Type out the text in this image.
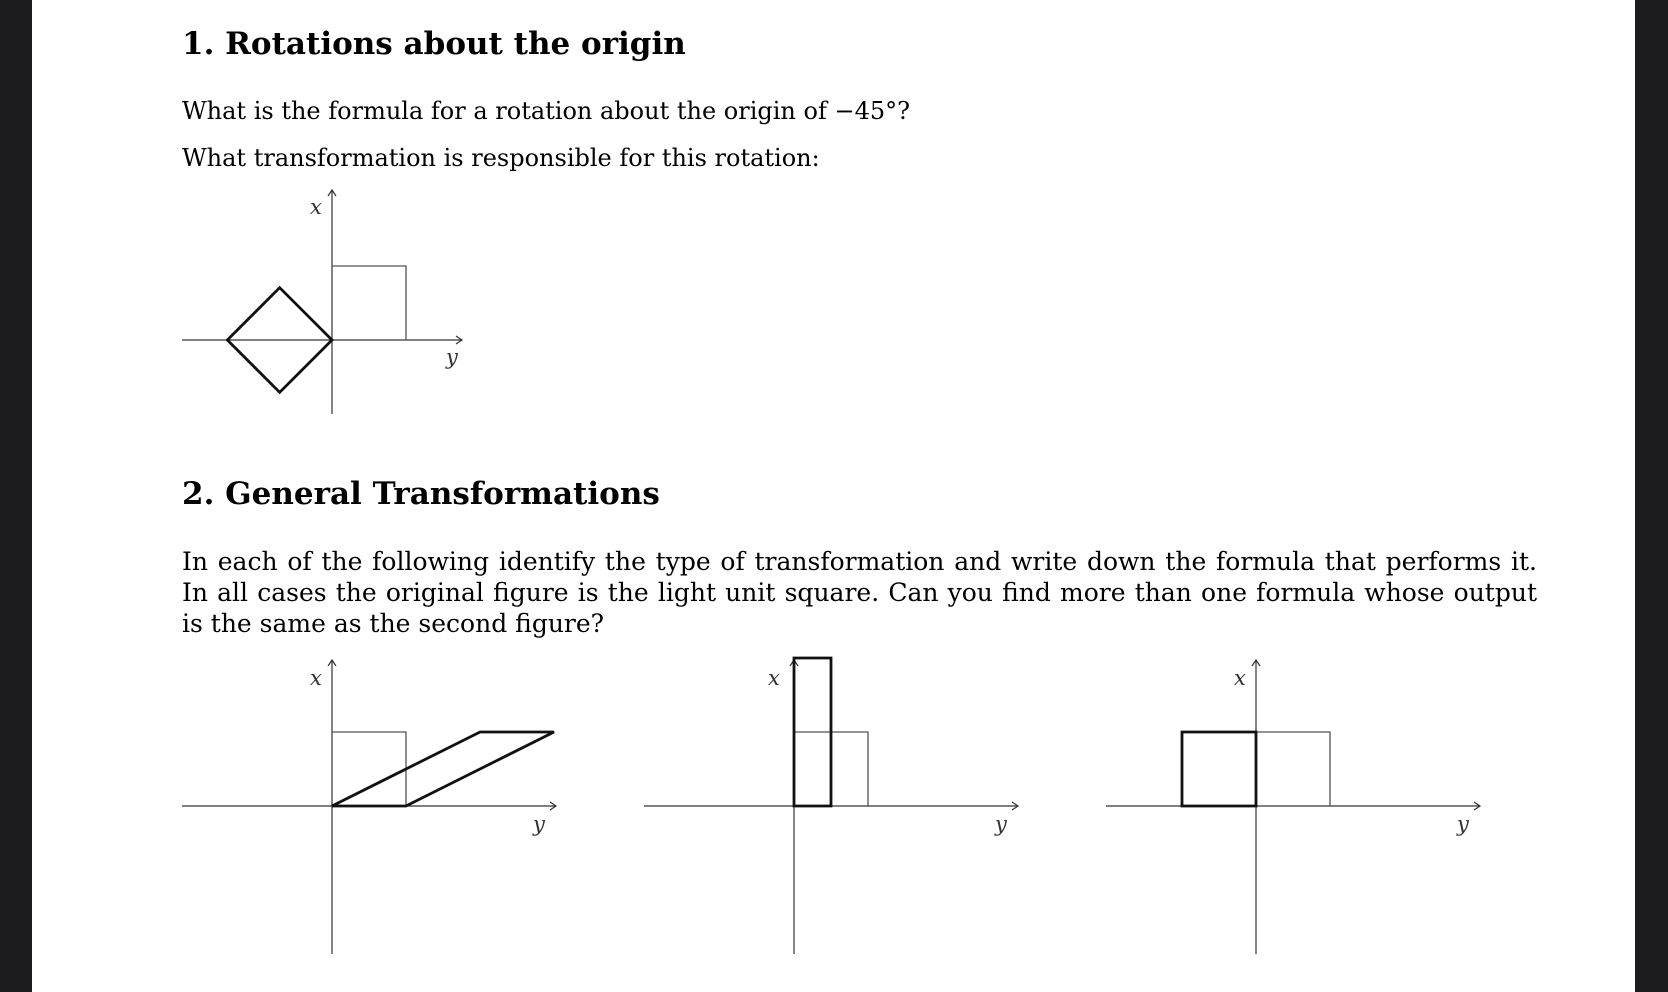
1. Rotations about the origin
What is the formula for a rotation about the origin of −45°?
What transformation is responsible for this rotation:
x
y
2. General Transformations
In each of the following identify the type of transformation and write down the formula that performs it. In all cases the original figure is the light unit square. Can you find more than one formula whose output is the same as the second figure?
x
y
x
y
x
y
